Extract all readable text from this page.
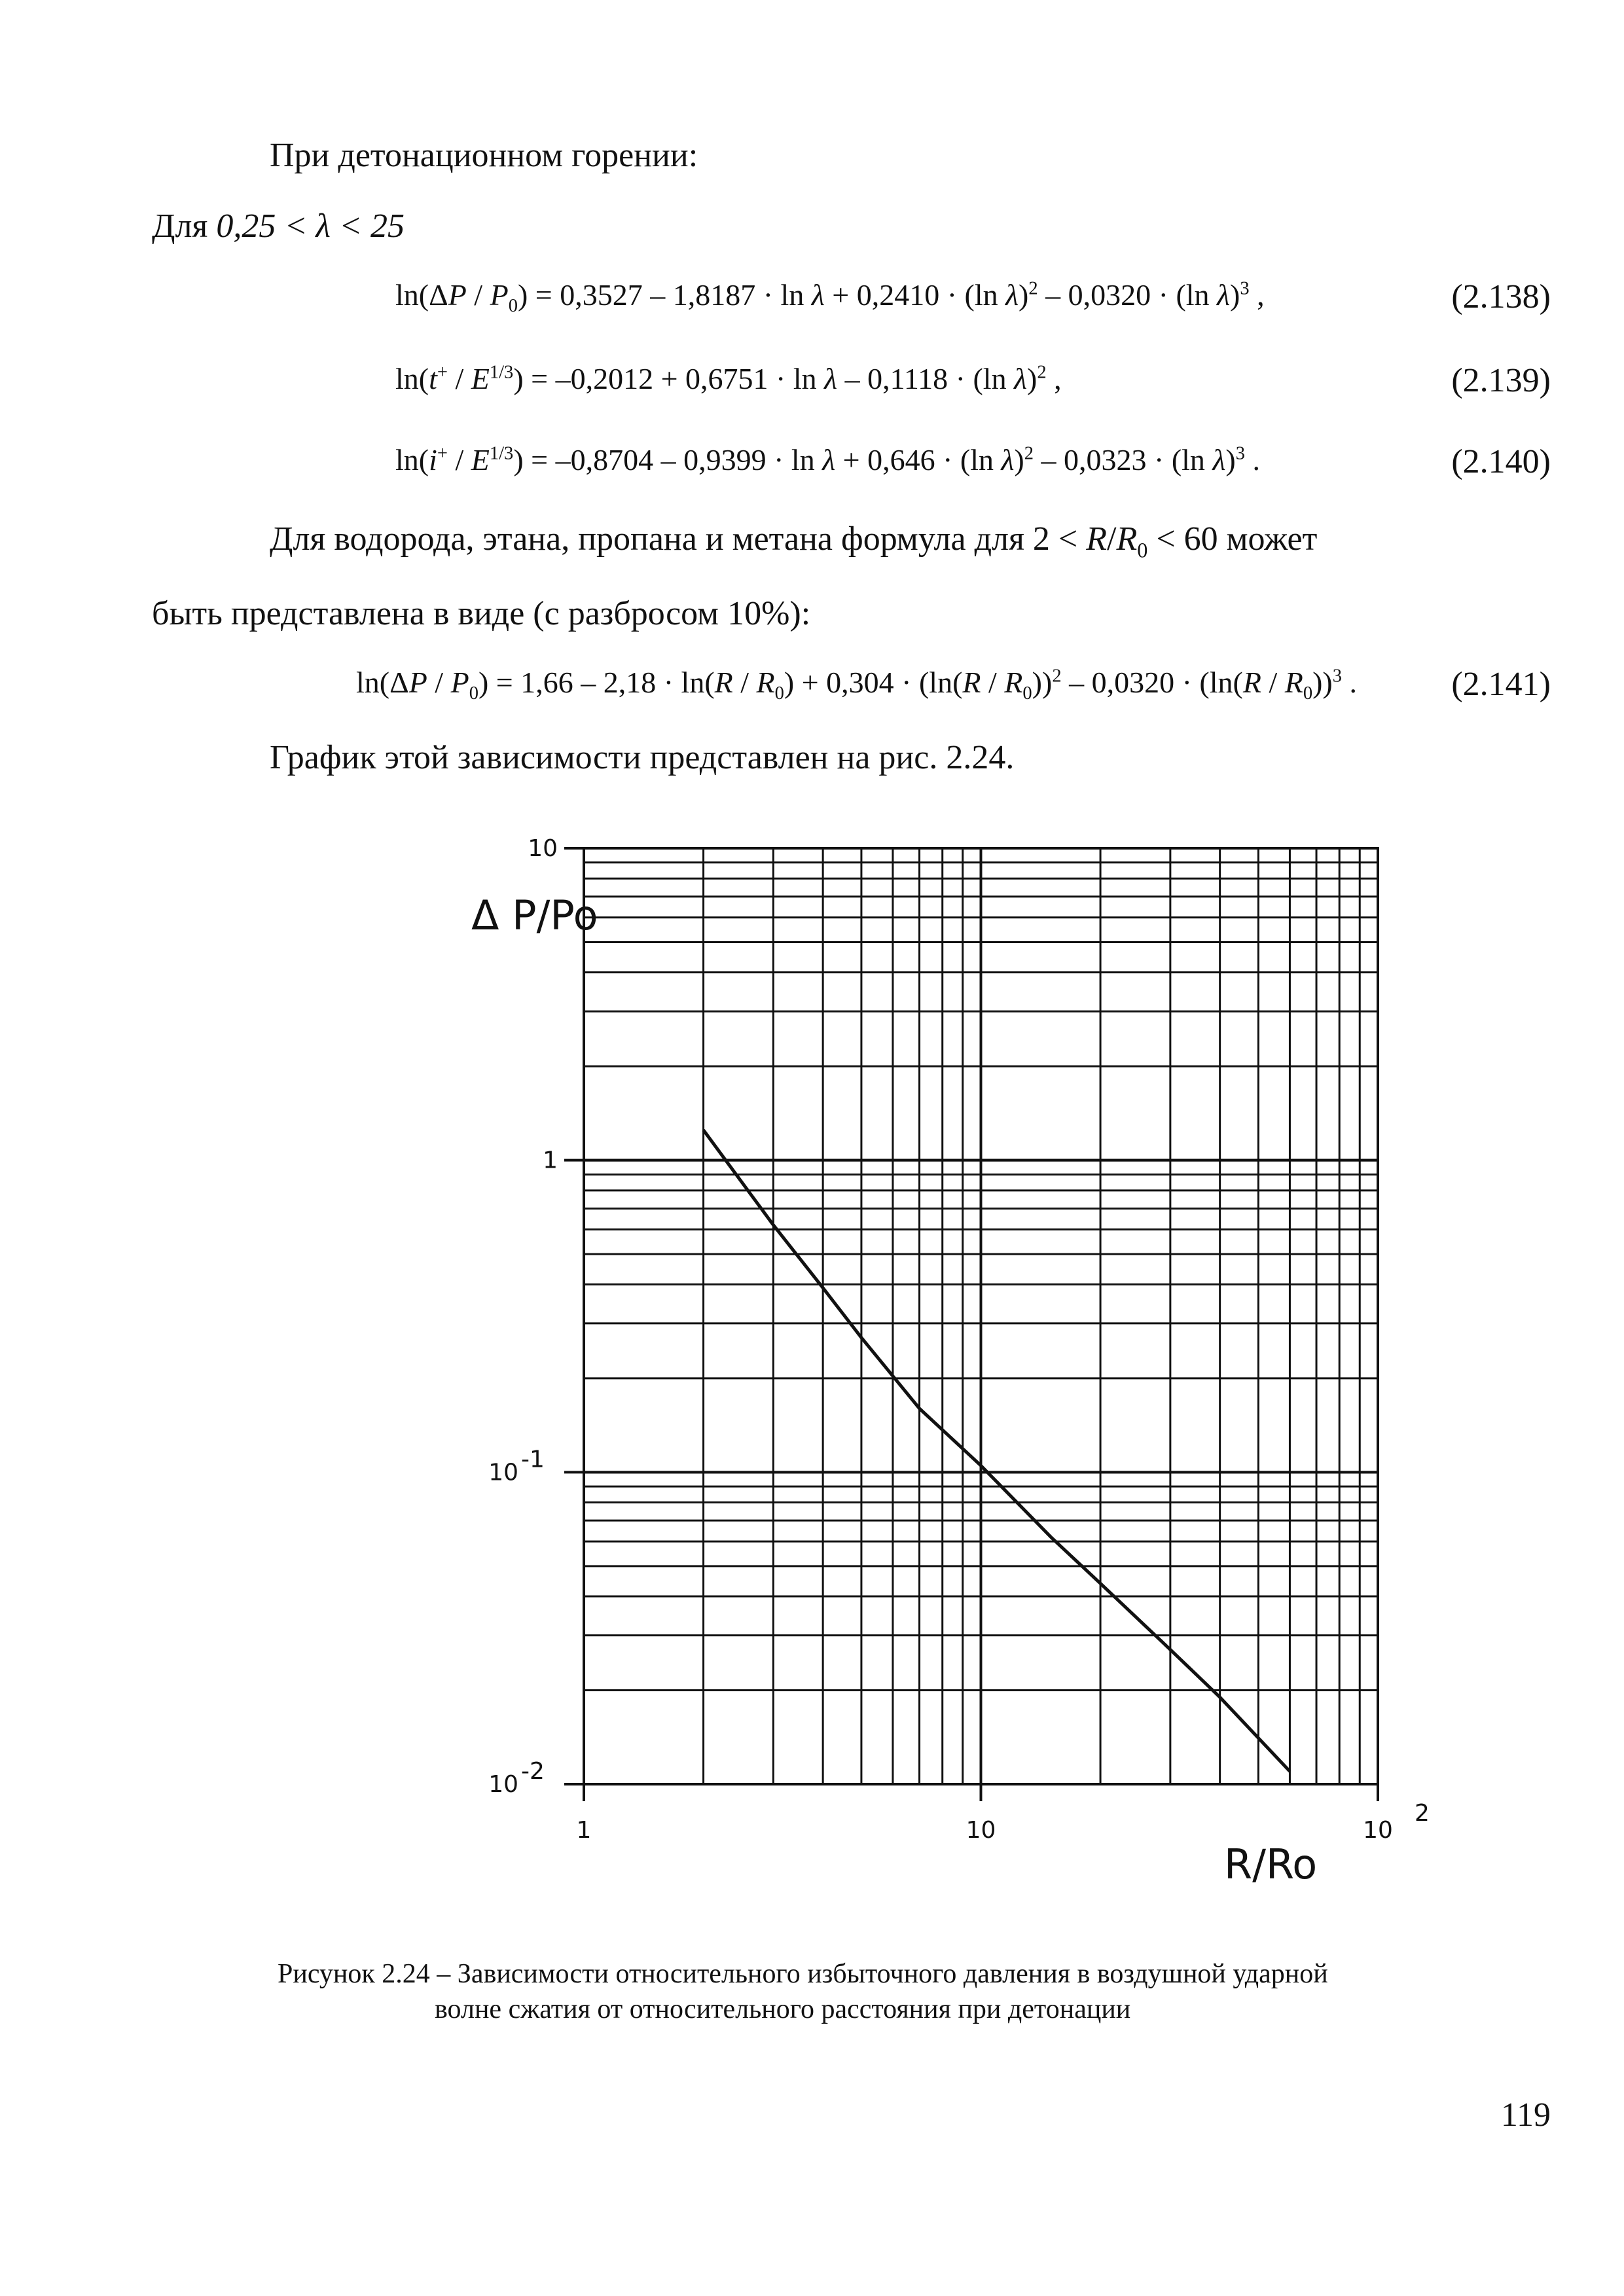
При детонационном горении:
Для 0,25 < λ < 25
$\ln(\Delta P / P_0) = 0,3527 - 1,8187 \cdot \ln \lambda + 0,2410 \cdot (\ln$ λ)$^2$ – 0,0320 · (ln λ)$^3$ ,	(2.138)
$\ln(t^+ / E^{1/3}) = -0,2012 + 0,6751 \cdot \ln \lambda - 0,1118 \cdot (\ln$ λ)$^2$ ,	(2.139)
$\ln(i^+ / E^{1/3}) = -0,8704 - 0,9399 \cdot \ln \lambda + 0,646 \cdot (\ln$ λ)$^2$ – 0,0323 · (ln λ)$^3$ .	(2.140)
Для водорода, этана, пропана и метана формула для $2 < R/R_0 < 60$ может
быть представлена в виде (с разбросом 10%):
$\ln(\Delta P / P_0) = 1,66 - 2,18 \cdot \ln(R / R_0) + 0,304 \cdot (\ln(R / R_0))^2 - 0,0320 \cdot (\ln(R / R_0))^3$ .	(2.141)
График этой зависимости представлен на рис. 2.24.
10
1
10 -1
10 -2
1	10	10
2
Δ P/Po
R/Ro
Рисунок 2.24 – Зависимости относительного избыточного давления в воздушной ударной
волне сжатия от относительного расстояния при детонации
119
